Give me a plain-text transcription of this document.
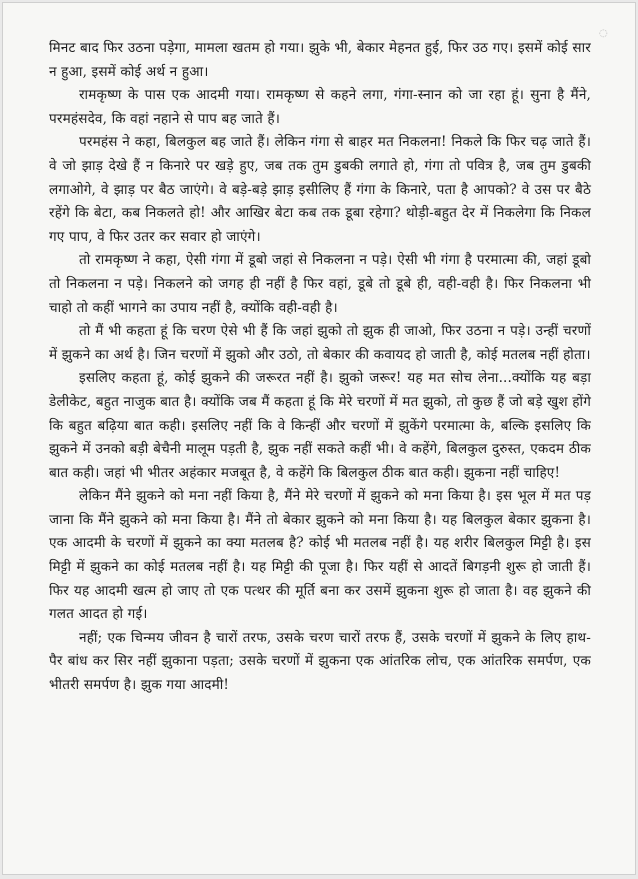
◌

मिनट बाद फिर उठना पड़ेगा, मामला खतम हो गया। झुके भी, बेकार मेहनत हुई, फिर उठ गए। इसमें कोई सार न हुआ, इसमें कोई अर्थ न हुआ।

रामकृष्ण के पास एक आदमी गया। रामकृष्ण से कहने लगा, गंगा-स्नान को जा रहा हूं। सुना है मैंने, परमहंसदेव, कि वहां नहाने से पाप बह जाते हैं।

परमहंस ने कहा, बिलकुल बह जाते हैं। लेकिन गंगा से बाहर मत निकलना! निकले कि फिर चढ़ जाते हैं। वे जो झाड़ देखे हैं न किनारे पर खड़े हुए, जब तक तुम डुबकी लगाते हो, गंगा तो पवित्र है, जब तुम डुबकी लगाओगे, वे झाड़ पर बैठ जाएंगे। वे बड़े-बड़े झाड़ इसीलिए हैं गंगा के किनारे, पता है आपको? वे उस पर बैठे रहेंगे कि बेटा, कब निकलते हो! और आखिर बेटा कब तक डूबा रहेगा? थोड़ी-बहुत देर में निकलेगा कि निकल गए पाप, वे फिर उतर कर सवार हो जाएंगे।

तो रामकृष्ण ने कहा, ऐसी गंगा में डूबो जहां से निकलना न पड़े। ऐसी भी गंगा है परमात्मा की, जहां डूबो तो निकलना न पड़े। निकलने को जगह ही नहीं है फिर वहां, डूबे तो डूबे ही, वही-वही है। फिर निकलना भी चाहो तो कहीं भागने का उपाय नहीं है, क्योंकि वही-वही है।

तो मैं भी कहता हूं कि चरण ऐसे भी हैं कि जहां झुको तो झुक ही जाओ, फिर उठना न पड़े। उन्हीं चरणों में झुकने का अर्थ है। जिन चरणों में झुको और उठो, तो बेकार की कवायद हो जाती है, कोई मतलब नहीं होता।

इसलिए कहता हूं, कोई झुकने की जरूरत नहीं है। झुको जरूर! यह मत सोच लेना...क्योंकि यह बड़ा डेलीकेट, बहुत नाजुक बात है। क्योंकि जब मैं कहता हूं कि मेरे चरणों में मत झुको, तो कुछ हैं जो बड़े खुश होंगे कि बहुत बढ़िया बात कही। इसलिए नहीं कि वे किन्हीं और चरणों में झुकेंगे परमात्मा के, बल्कि इसलिए कि झुकने में उनको बड़ी बेचैनी मालूम पड़ती है, झुक नहीं सकते कहीं भी। वे कहेंगे, बिलकुल दुरुस्त, एकदम ठीक बात कही। जहां भी भीतर अहंकार मजबूत है, वे कहेंगे कि बिलकुल ठीक बात कही। झुकना नहीं चाहिए!

लेकिन मैंने झुकने को मना नहीं किया है, मैंने मेरे चरणों में झुकने को मना किया है। इस भूल में मत पड़ जाना कि मैंने झुकने को मना किया है। मैंने तो बेकार झुकने को मना किया है। यह बिलकुल बेकार झुकना है। एक आदमी के चरणों में झुकने का क्या मतलब है? कोई भी मतलब नहीं है। यह शरीर बिलकुल मिट्टी है। इस मिट्टी में झुकने का कोई मतलब नहीं है। यह मिट्टी की पूजा है। फिर यहीं से आदतें बिगड़नी शुरू हो जाती हैं। फिर यह आदमी खत्म हो जाए तो एक पत्थर की मूर्ति बना कर उसमें झुकना शुरू हो जाता है। वह झुकने की गलत आदत हो गई।

नहीं; एक चिन्मय जीवन है चारों तरफ, उसके चरण चारों तरफ हैं, उसके चरणों में झुकने के लिए हाथ-पैर बांध कर सिर नहीं झुकाना पड़ता; उसके चरणों में झुकना एक आंतरिक लोच, एक आंतरिक समर्पण, एक भीतरी समर्पण है। झुक गया आदमी!
